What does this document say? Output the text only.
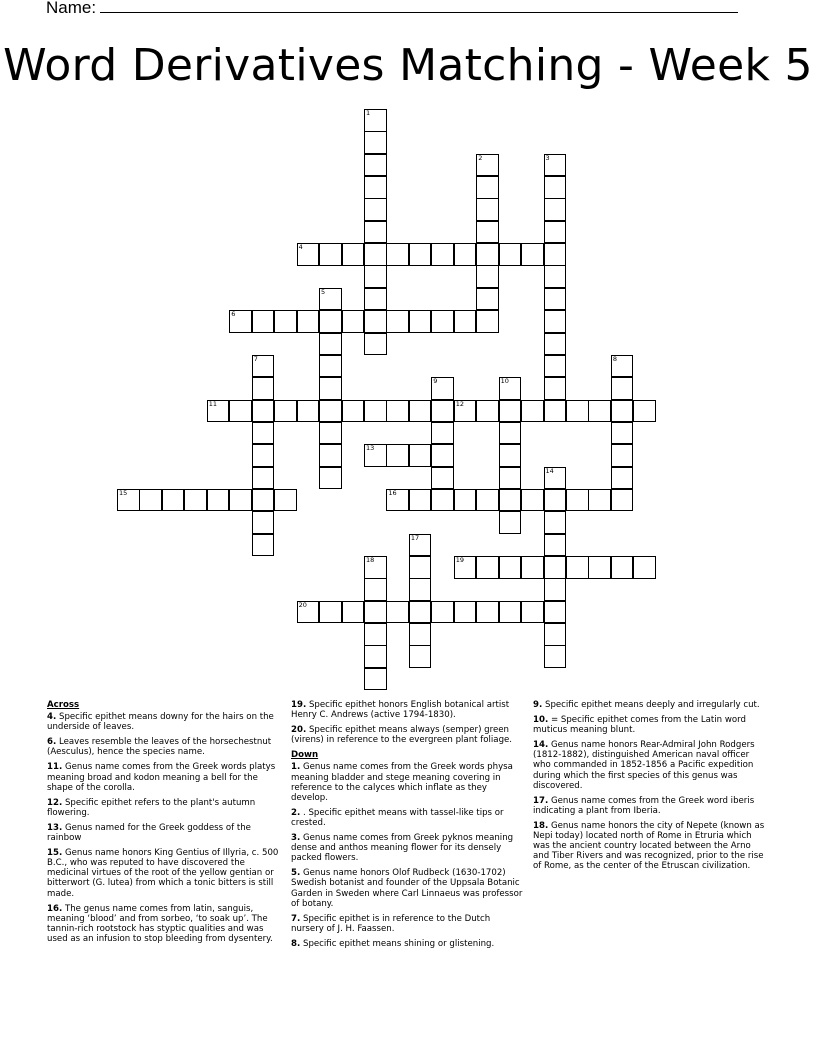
Name:
Word Derivatives Matching - Week 5
1
2	3
4
5
6
7	8
9	10
11	12
13
14
15	16
17
18	19
20
Across
4. Specific epithet means downy for the hairs on the underside of leaves.
6. Leaves resemble the leaves of the horsechestnut (Aesculus), hence the species name.
11. Genus name comes from the Greek words platys meaning broad and kodon meaning a bell for the shape of the corolla.
12. Specific epithet refers to the plant's autumn flowering.
13. Genus named for the Greek goddess of the rainbow
15. Genus name honors King Gentius of Illyria, c. 500 B.C., who was reputed to have discovered the medicinal virtues of the root of the yellow gentian or bitterwort (G. lutea) from which a tonic bitters is still made.
16. The genus name comes from latin, sanguis, meaning ‘blood’ and from sorbeo, ‘to soak up’. The tannin-rich rootstock has styptic qualities and was used as an infusion to stop bleeding from dysentery.
19. Specific epithet honors English botanical artist Henry C. Andrews (active 1794-1830).
20. Specific epithet means always (semper) green (virens) in reference to the evergreen plant foliage.
Down
1. Genus name comes from the Greek words physa meaning bladder and stege meaning covering in reference to the calyces which inflate as they develop.
2. . Specific epithet means with tassel-like tips or crested.
3. Genus name comes from Greek pyknos meaning dense and anthos meaning flower for its densely packed flowers.
5. Genus name honors Olof Rudbeck (1630-1702) Swedish botanist and founder of the Uppsala Botanic Garden in Sweden where Carl Linnaeus was professor of botany.
7. Specific epithet is in reference to the Dutch nursery of J. H. Faassen.
8. Specific epithet means shining or glistening.
9. Specific epithet means deeply and irregularly cut.
10. = Specific epithet comes from the Latin word muticus meaning blunt.
14. Genus name honors Rear-Admiral John Rodgers (1812-1882), distinguished American naval officer who commanded in 1852-1856 a Pacific expedition during which the first species of this genus was discovered.
17. Genus name comes from the Greek word iberis indicating a plant from Iberia.
18. Genus name honors the city of Nepete (known as Nepi today) located north of Rome in Etruria which was the ancient country located between the Arno and Tiber Rivers and was recognized, prior to the rise of Rome, as the center of the Etruscan civilization.
